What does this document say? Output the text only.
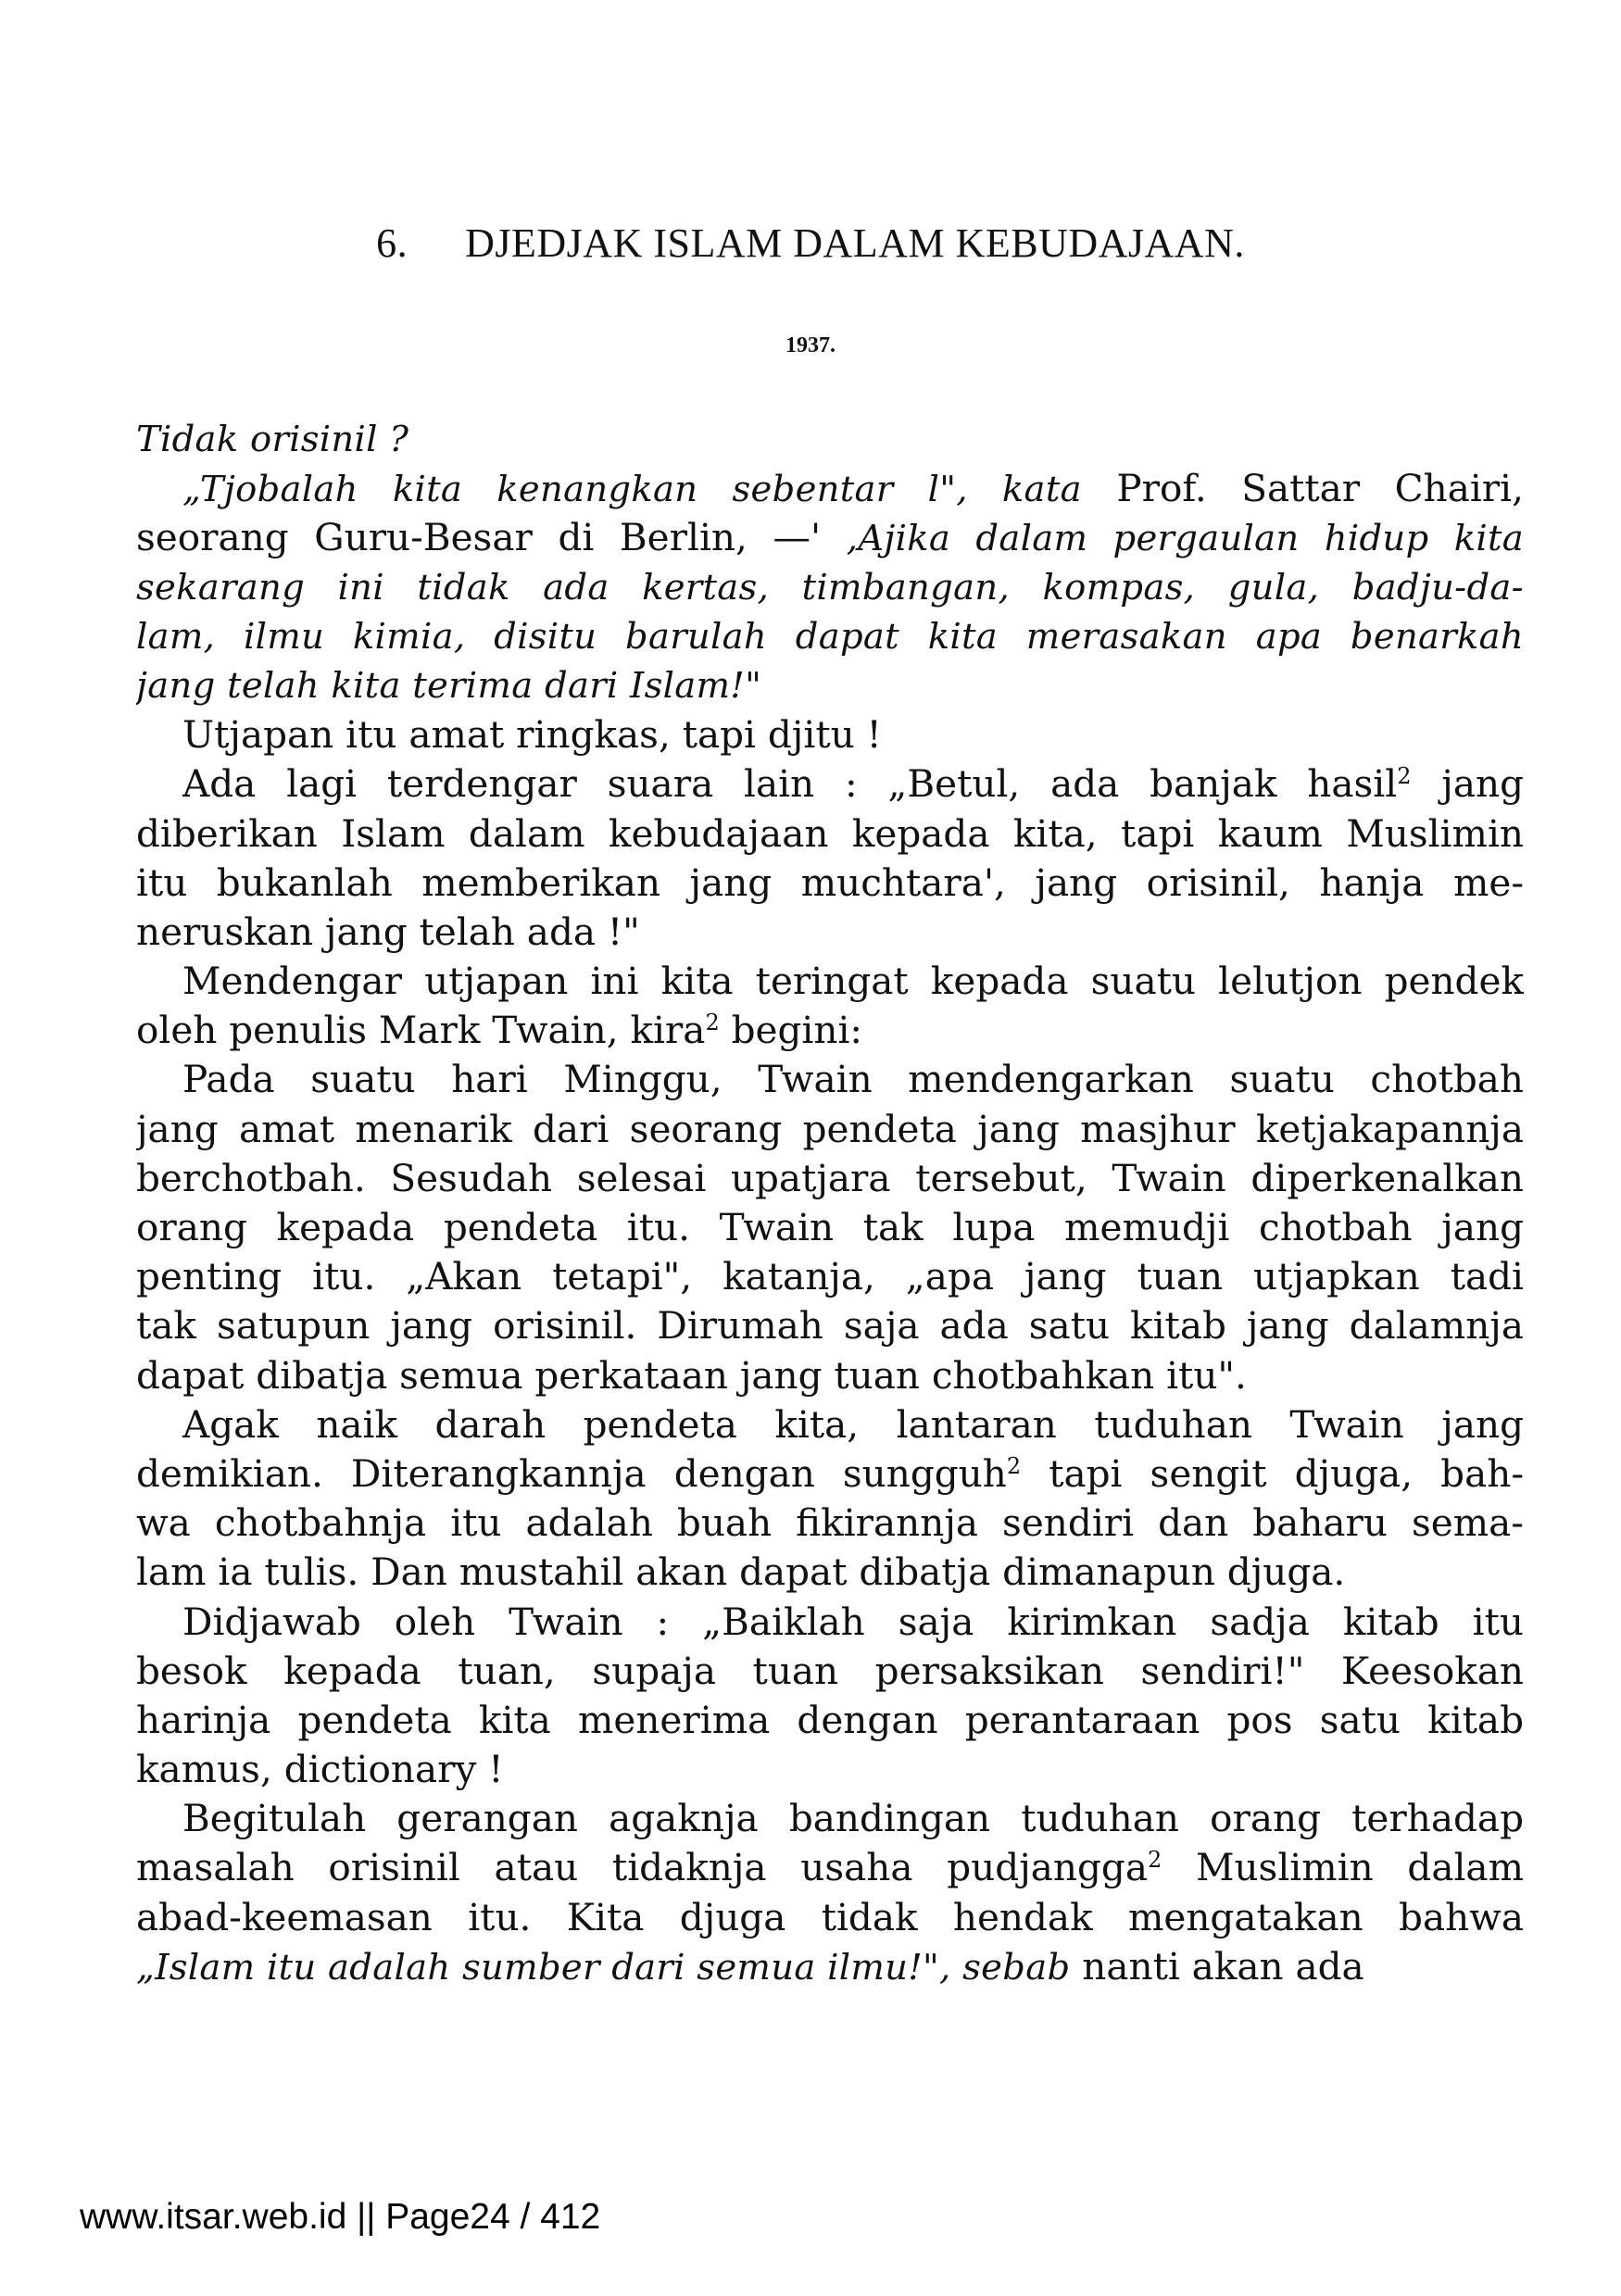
6. DJEDJAK ISLAM DALAM KEBUDAJAAN.
1937.
Tidak orisinil ?
„Tjobalah kita kenangkan sebentar l", kata Prof. Sattar Chairi,
seorang Guru-Besar di Berlin, —' ,Ajika dalam pergaulan hidup kita
sekarang ini tidak ada kertas, timbangan, kompas, gula, badju-da-
lam, ilmu kimia, disitu barulah dapat kita merasakan apa benarkah
jang telah kita terima dari Islam!"
Utjapan itu amat ringkas, tapi djitu !
Ada lagi terdengar suara lain : „Betul, ada banjak hasil$^2$ jang
diberikan Islam dalam kebudajaan kepada kita, tapi kaum Muslimin
itu bukanlah memberikan jang muchtara', jang orisinil, hanja me-
neruskan jang telah ada !"
Mendengar utjapan ini kita teringat kepada suatu lelutjon pendek
oleh penulis Mark Twain, kira$^2$ begini:
Pada suatu hari Minggu, Twain mendengarkan suatu chotbah
jang amat menarik dari seorang pendeta jang masjhur ketjakapannja
berchotbah. Sesudah selesai upatjara tersebut, Twain diperkenalkan
orang kepada pendeta itu. Twain tak lupa memudji chotbah jang
penting itu. „Akan tetapi", katanja, „apa jang tuan utjapkan tadi
tak satupun jang orisinil. Dirumah saja ada satu kitab jang dalamnja
dapat dibatja semua perkataan jang tuan chotbahkan itu".
Agak naik darah pendeta kita, lantaran tuduhan Twain jang
demikian. Diterangkannja dengan sungguh$^2$ tapi sengit djuga, bah-
wa chotbahnja itu adalah buah fikirannja sendiri dan baharu sema-
lam ia tulis. Dan mustahil akan dapat dibatja dimanapun djuga.
Didjawab oleh Twain : „Baiklah saja kirimkan sadja kitab itu
besok kepada tuan, supaja tuan persaksikan sendiri!" Keesokan
harinja pendeta kita menerima dengan perantaraan pos satu kitab
kamus, dictionary !
Begitulah gerangan agaknja bandingan tuduhan orang terhadap
masalah orisinil atau tidaknja usaha pudjangga$^2$ Muslimin dalam
abad-keemasan itu. Kita djuga tidak hendak mengatakan bahwa
„Islam itu adalah sumber dari semua ilmu!", sebab nanti akan ada
www.itsar.web.id || Page24 / 412
